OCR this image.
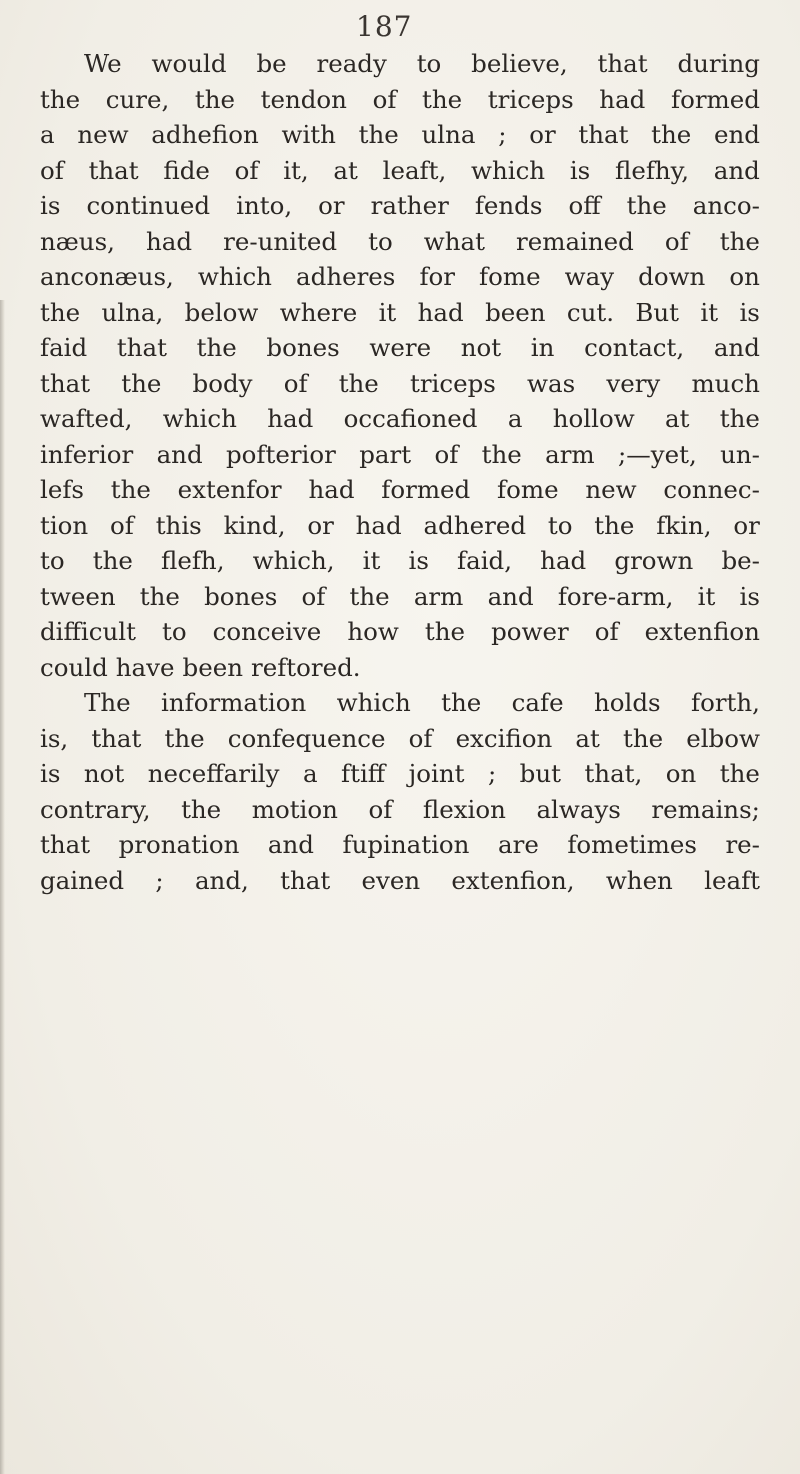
187
We would be ready to believe, that during
the cure, the tendon of the triceps had formed
a new adhefion with the ulna ; or that the end
of that fide of it, at leaft, which is flefhy, and
is continued into, or rather fends off the anco-
næus, had re-united to what remained of the
anconæus, which adheres for fome way down on
the ulna, below where it had been cut. But it is
faid that the bones were not in contact, and
that the body of the triceps was very much
wafted, which had occafioned a hollow at the
inferior and pofterior part of the arm ;—yet, un-
lefs the extenfor had formed fome new connec-
tion of this kind, or had adhered to the fkin, or
to the flefh, which, it is faid, had grown be-
tween the bones of the arm and fore-arm, it is
difficult to conceive how the power of extenfion
could have been reftored.
The information which the cafe holds forth,
is, that the confequence of excifion at the elbow
is not neceffarily a ftiff joint ; but that, on the
contrary, the motion of flexion always remains;
that pronation and fupination are fometimes re-
gained ; and, that even extenfion, when leaft
